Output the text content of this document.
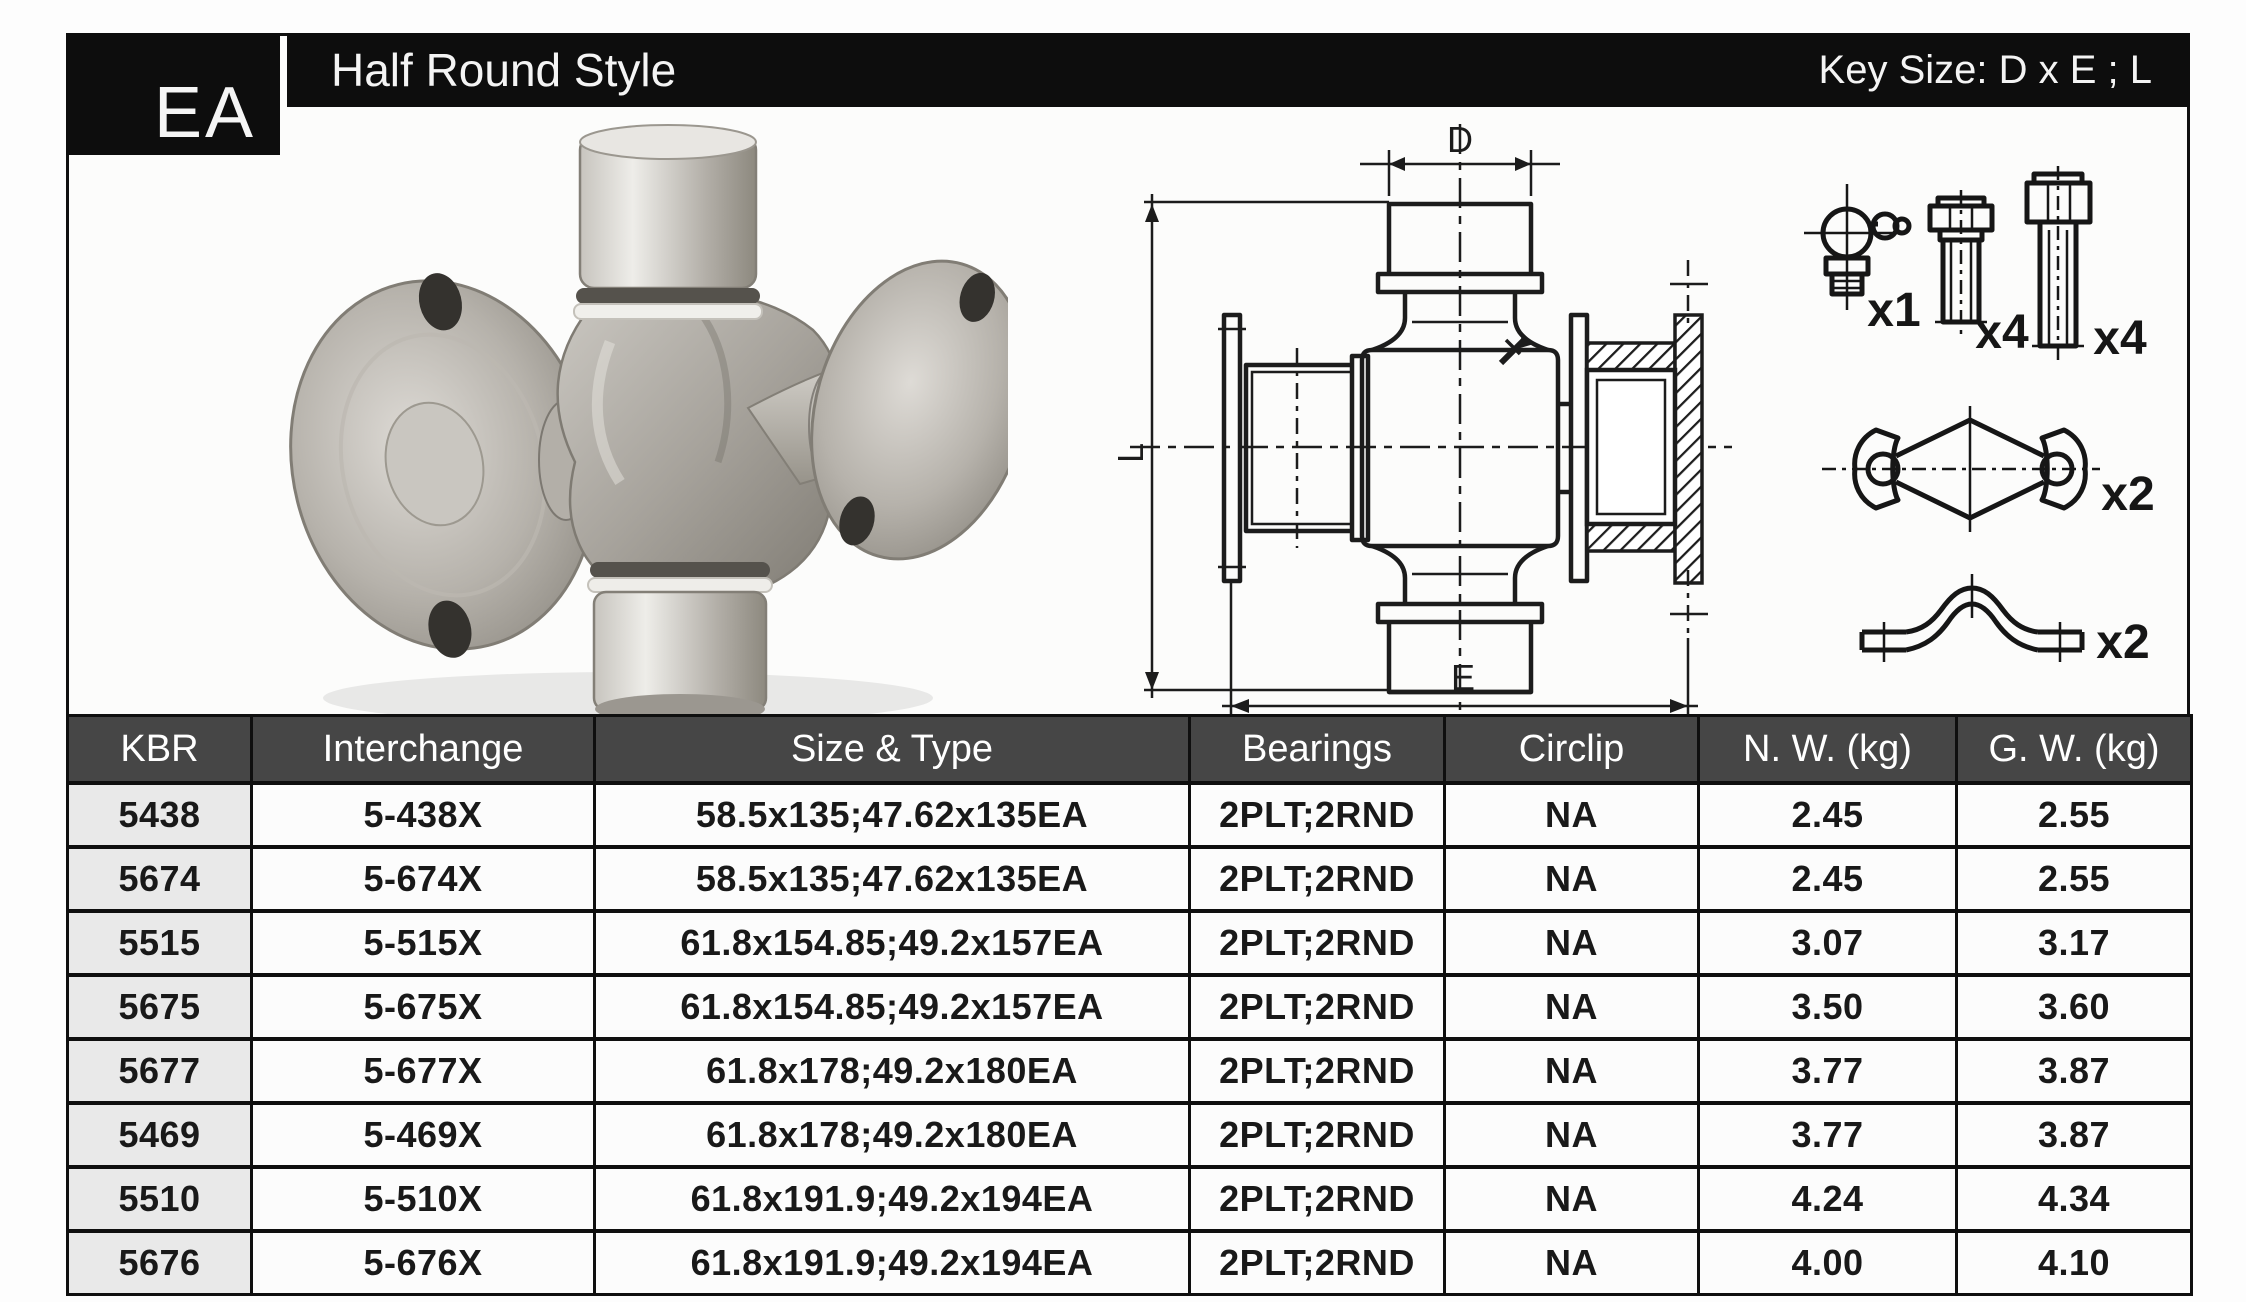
EA
Half Round Style	Key Size: D x E ; L
D
L
E
x1 x4 x4
x2
x2
KBR	Interchange	Size & Type	Bearings	Circlip	N. W. (kg)	G. W. (kg)
5438	5-438X	58.5x135;47.62x135EA	2PLT;2RND	NA	2.45	2.55
5674	5-674X	58.5x135;47.62x135EA	2PLT;2RND	NA	2.45	2.55
5515	5-515X	61.8x154.85;49.2x157EA	2PLT;2RND	NA	3.07	3.17
5675	5-675X	61.8x154.85;49.2x157EA	2PLT;2RND	NA	3.50	3.60
5677	5-677X	61.8x178;49.2x180EA	2PLT;2RND	NA	3.77	3.87
5469	5-469X	61.8x178;49.2x180EA	2PLT;2RND	NA	3.77	3.87
5510	5-510X	61.8x191.9;49.2x194EA	2PLT;2RND	NA	4.24	4.34
5676	5-676X	61.8x191.9;49.2x194EA	2PLT;2RND	NA	4.00	4.10
